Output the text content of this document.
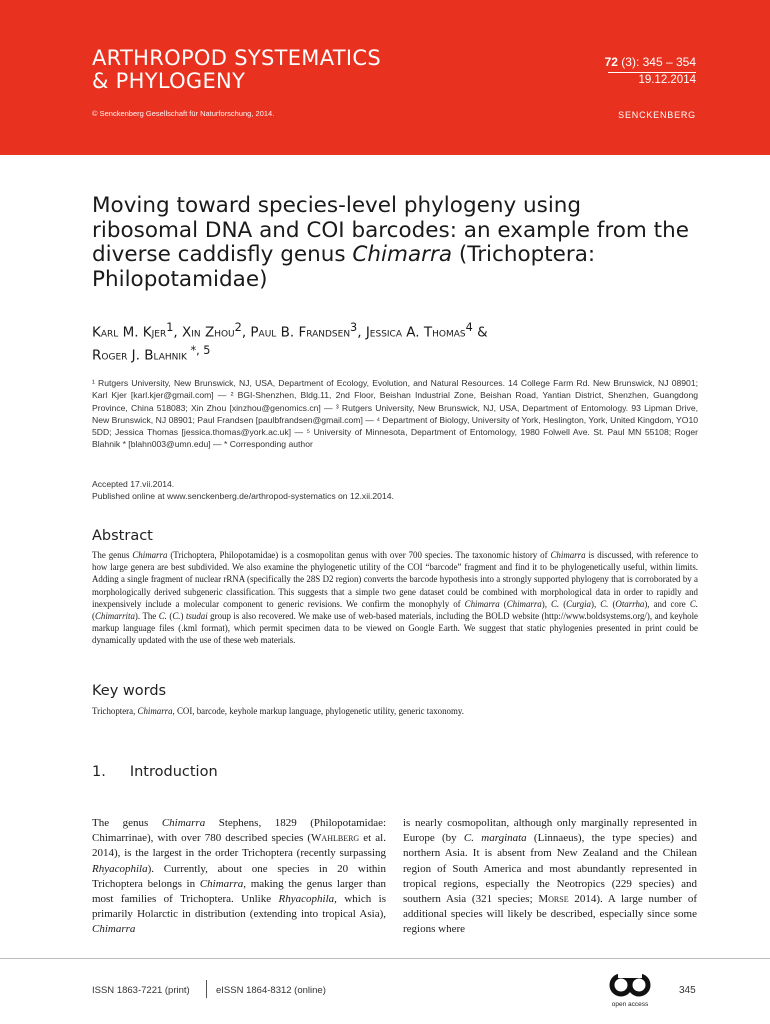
ARTHROPOD SYSTEMATICS
& PHYLOGENY
© Senckenberg Gesellschaft für Naturforschung, 2014.
72 (3): 345 – 354
19.12.2014
SENCKENBERG
Moving toward species-level phylogeny using ribosomal DNA and COI barcodes: an example from the diverse caddisfly genus Chimarra (Trichoptera: Philopotamidae)
Karl M. Kjer$^1$, Xin Zhou$^2$, Paul B. Frandsen$^3$, Jessica A. Thomas$^4$ &
Roger J. Blahnik $^{*, 5}$
¹ Rutgers University, New Brunswick, NJ, USA, Department of Ecology, Evolution, and Natural Resources. 14 College Farm Rd. New Brunswick, NJ 08901; Karl Kjer [karl.kjer@gmail.com] — ² BGI-Shenzhen, Bldg.11, 2nd Floor, Beishan Industrial Zone, Beishan Road, Yantian District, Shenzhen, Guangdong Province, China 518083; Xin Zhou [xinzhou@genomics.cn] — ³ Rutgers University, New Brunswick, NJ, USA, Department of Entomology. 93 Lipman Drive, New Brunswick, NJ 08901; Paul Frandsen [paulbfrandsen@gmail.com] — ⁴ Department of Biology, University of York, Heslington, York, United Kingdom, YO10 5DD; Jessica Thomas [jessica.thomas@york.ac.uk] — ⁵ University of Minnesota, Department of Entomology, 1980 Folwell Ave. St. Paul MN 55108; Roger Blahnik * [blahn003@umn.edu] — * Corresponding author
Accepted 17.vii.2014.
Published online at www.senckenberg.de/arthropod-systematics on 12.xii.2014.
Abstract
The genus Chimarra (Trichoptera, Philopotamidae) is a cosmopolitan genus with over 700 species. The taxonomic history of Chimarra is discussed, with reference to how large genera are best subdivided. We also examine the phylogenetic utility of the COI “barcode” fragment and find it to be phylogenetically useful, within limits. Adding a single fragment of nuclear rRNA (specifically the 28S D2 region) converts the barcode hypothesis into a strongly supported phylogeny that is corroborated by a morphologically derived subgeneric classification. This suggests that a simple two gene dataset could be combined with morphological data in order to rapidly and inexpensively include a molecular component to generic revisions. We confirm the monophyly of Chimarra (Chimarra), C. (Curgia), C. (Otarrha), and core C. (Chimarrita). The C. (C.) tsudai group is also recovered. We make use of web-based materials, including the BOLD website (http://www.boldsystems.org/), and keyhole markup language files (.kml format), which permit specimen data to be viewed on Google Earth. We suggest that static phylogenies presented in print could be dynamically updated with the use of these web materials.
Key words
Trichoptera, Chimarra, COI, barcode, keyhole markup language, phylogenetic utility, generic taxonomy.
1. Introduction
The genus Chimarra Stephens, 1829 (Philopotamidae: Chimarrinae), with over 780 described species (Wahlberg et al. 2014), is the largest in the order Trichoptera (recently surpassing Rhyacophila). Currently, about one species in 20 within Trichoptera belongs in Chimarra, making the genus larger than most families of Trichoptera. Unlike Rhyacophila, which is primarily Holarctic in distribution (extending into tropical Asia), Chimarra
is nearly cosmopolitan, although only marginally represented in Europe (by C. marginata (Linnaeus), the type species) and northern Asia. It is absent from New Zealand and the Chilean region of South America and most abundantly represented in tropical regions, especially the Neotropics (229 species) and southern Asia (321 species; Morse 2014). A large number of additional species will likely be described, especially since some regions where
ISSN 1863-7221 (print)	eISSN 1864-8312 (online)
open access
345
